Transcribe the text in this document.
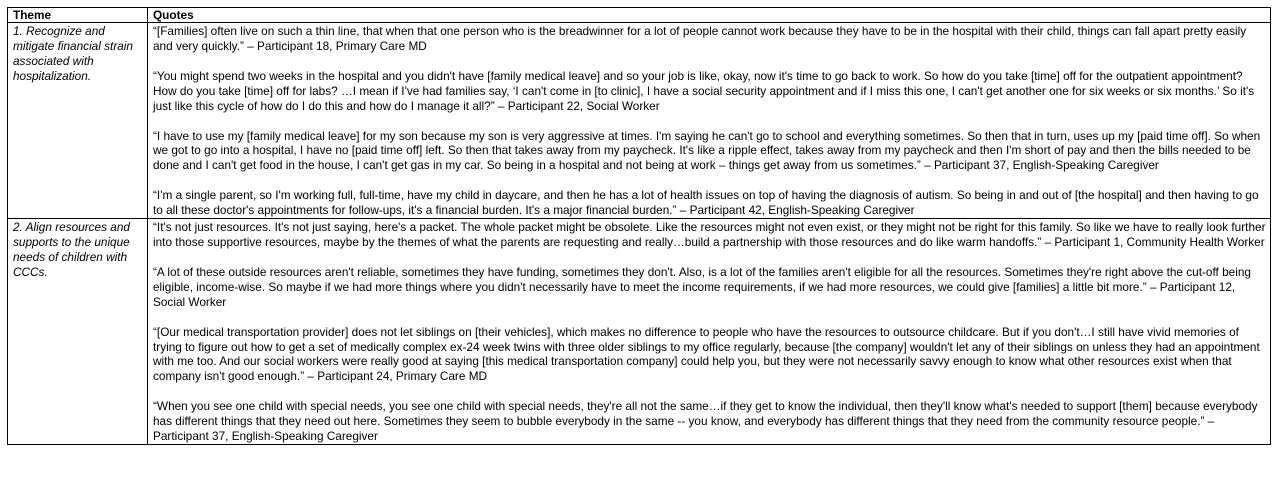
Theme	Quotes
1. Recognize and mitigate financial strain associated with hospitalization.	“[Families] often live on such a thin line, that when that one person who is the breadwinner for a lot of people cannot work because they have to be in the hospital with their child, things can fall apart pretty easily and very quickly.” – Participant 18, Primary Care MD

“You might spend two weeks in the hospital and you didn't have [family medical leave] and so your job is like, okay, now it's time to go back to work. So how do you take [time] off for the outpatient appointment? How do you take [time] off for labs? …I mean if I've had families say, ‘I can't come in [to clinic], I have a social security appointment and if I miss this one, I can't get another one for six weeks or six months.’ So it's just like this cycle of how do I do this and how do I manage it all?” – Participant 22, Social Worker

“I have to use my [family medical leave] for my son because my son is very aggressive at times. I'm saying he can't go to school and everything sometimes. So then that in turn, uses up my [paid time off]. So when we got to go into a hospital, I have no [paid time off] left. So then that takes away from my paycheck. It's like a ripple effect, takes away from my paycheck and then I'm short of pay and then the bills needed to be done and I can't get food in the house, I can't get gas in my car. So being in a hospital and not being at work – things get away from us sometimes.” – Participant 37, English-Speaking Caregiver

“I'm a single parent, so I'm working full, full-time, have my child in daycare, and then he has a lot of health issues on top of having the diagnosis of autism. So being in and out of [the hospital] and then having to go to all these doctor's appointments for follow-ups, it's a financial burden. It's a major financial burden.” – Participant 42, English-Speaking Caregiver

2. Align resources and supports to the unique needs of children with CCCs.	“It's not just resources. It's not just saying, here's a packet. The whole packet might be obsolete. Like the resources might not even exist, or they might not be right for this family. So like we have to really look further into those supportive resources, maybe by the themes of what the parents are requesting and really…build a partnership with those resources and do like warm handoffs.” – Participant 1, Community Health Worker

“A lot of these outside resources aren't reliable, sometimes they have funding, sometimes they don't. Also, is a lot of the families aren't eligible for all the resources. Sometimes they're right above the cut-off being eligible, income-wise. So maybe if we had more things where you didn't necessarily have to meet the income requirements, if we had more resources, we could give [families] a little bit more.” – Participant 12, Social Worker

“[Our medical transportation provider] does not let siblings on [their vehicles], which makes no difference to people who have the resources to outsource childcare. But if you don't…I still have vivid memories of trying to figure out how to get a set of medically complex ex-24 week twins with three older siblings to my office regularly, because [the company] wouldn't let any of their siblings on unless they had an appointment with me too. And our social workers were really good at saying [this medical transportation company] could help you, but they were not necessarily savvy enough to know what other resources exist when that company isn't good enough.” – Participant 24, Primary Care MD

“When you see one child with special needs, you see one child with special needs, they're all not the same…if they get to know the individual, then they'll know what's needed to support [them] because everybody has different things that they need out here. Sometimes they seem to bubble everybody in the same -- you know, and everybody has different things that they need from the community resource people.” – Participant 37, English-Speaking Caregiver
